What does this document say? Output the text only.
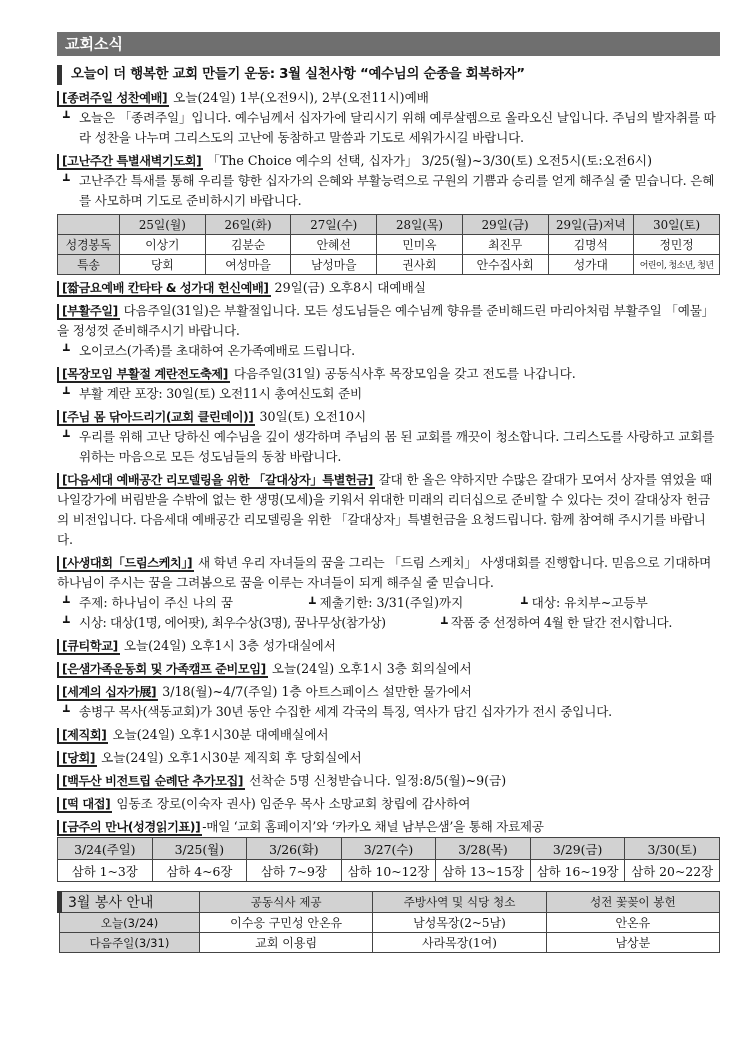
교회소식
오늘이 더 행복한 교회 만들기 운동: 3월 실천사항 “예수님의 순종을 회복하자”
[종려주일 성찬예배] 오늘(24일) 1부(오전9시), 2부(오전11시)예배
┻ 오늘은 「종려주일」입니다. 예수님께서 십자가에 달리시기 위해 예루살렘으로 올라오신 날입니다. 주님의 발자취를 따라 성찬을 나누며 그리스도의 고난에 동참하고 말씀과 기도로 세워가시길 바랍니다.
[고난주간 특별새벽기도회] 「The Choice 예수의 선택, 십자가」 3/25(월)~3/30(토) 오전5시(토:오전6시)
┻ 고난주간 특새를 통해 우리를 향한 십자가의 은혜와 부활능력으로 구원의 기쁨과 승리를 얻게 해주실 줄 믿습니다. 은혜를 사모하며 기도로 준비하시기 바랍니다.
	25일(월)	26일(화)	27일(수)	28일(목)	29일(금)	29일(금)저녁	30일(토)
성경봉독	이상기	김분순	안혜선	민미옥	최진무	김명석	정민정
특송	당회	여성마을	남성마을	권사회	안수집사회	성가대	어린이, 청소년, 청년
[짧금요예배 칸타타 & 성가대 헌신예배] 29일(금) 오후8시 대예배실
[부활주일] 다음주일(31일)은 부활절입니다. 모든 성도님들은 예수님께 향유를 준비해드린 마리아처럼 부활주일 「예물」을 정성껏 준비해주시기 바랍니다.
┻ 오이코스(가족)를 초대하여 온가족예배로 드립니다.
[목장모임 부활절 계란전도축제] 다음주일(31일) 공동식사후 목장모임을 갖고 전도를 나갑니다.
┻ 부활 계란 포장: 30일(토) 오전11시 총여신도회 준비
[주님 몸 닦아드리기(교회 클린데이)] 30일(토) 오전10시
┻ 우리를 위해 고난 당하신 예수님을 깊이 생각하며 주님의 몸 된 교회를 깨끗이 청소합니다. 그리스도를 사랑하고 교회를 위하는 마음으로 모든 성도님들의 동참 바랍니다.
[다음세대 예배공간 리모델링을 위한 「갈대상자」특별헌금] 갈대 한 올은 약하지만 수많은 갈대가 모여서 상자를 엮었을 때 나일강가에 버림받을 수밖에 없는 한 생명(모세)을 키워서 위대한 미래의 리더십으로 준비할 수 있다는 것이 갈대상자 헌금의 비전입니다. 다음세대 예배공간 리모델링을 위한 「갈대상자」특별헌금을 요청드립니다. 함께 참여해 주시기를 바랍니다.
[사생대회「드림스케치」] 새 학년 우리 자녀들의 꿈을 그리는 「드림 스케치」 사생대회를 진행합니다. 믿음으로 기대하며 하나님이 주시는 꿈을 그려봄으로 꿈을 이루는 자녀들이 되게 해주실 줄 믿습니다.
┻ 주제: 하나님이 주신 나의 꿈	┻ 제출기한: 3/31(주일)까지	┻ 대상: 유치부~고등부
┻ 시상: 대상(1명, 에어팟), 최우수상(3명), 꿈나무상(참가상)	┻ 작품 중 선정하여 4월 한 달간 전시합니다.
[큐티학교] 오늘(24일) 오후1시 3층 성가대실에서
[은샘가족운동회 및 가족캠프 준비모임] 오늘(24일) 오후1시 3층 회의실에서
[세계의 십자가展] 3/18(월)~4/7(주일) 1층 아트스페이스 설만한 물가에서
┻ 송병구 목사(색동교회)가 30년 동안 수집한 세계 각국의 특징, 역사가 담긴 십자가가 전시 중입니다.
[제직회] 오늘(24일) 오후1시30분 대예배실에서
[당회] 오늘(24일) 오후1시30분 제직회 후 당회실에서
[백두산 비전트립 순례단 추가모집] 선착순 5명 신청받습니다. 일정:8/5(월)~9(금)
[떡 대접] 임동조 장로(이숙자 권사) 임준우 목사 소망교회 창립에 감사하여
[금주의 만나(성경읽기표)] -매일 ‘교회 홈페이지’와 ‘카카오 채널 남부은샘’을 통해 자료제공
3/24(주일)	3/25(월)	3/26(화)	3/27(수)	3/28(목)	3/29(금)	3/30(토)
삼하 1~3장	삼하 4~6장	삼하 7~9장	삼하 10~12장	삼하 13~15장	삼하 16~19장	삼하 20~22장
3월 봉사 안내	공동식사 제공	주방사역 및 식당 청소	성전 꽃꽂이 봉헌
오늘(3/24)	이수응 구민성 안온유	남성목장(2~5남)	안온유
다음주일(3/31)	교회 이용림	사라목장(1여)	남상분
